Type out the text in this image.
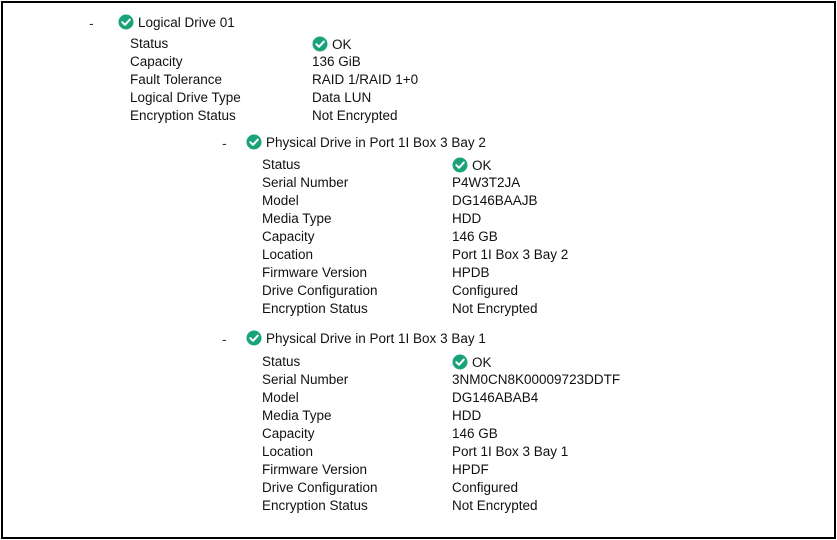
-	Logical Drive 01
Status	OK
Capacity	136 GiB
Fault Tolerance	RAID 1/RAID 1+0
Logical Drive Type	Data LUN
Encryption Status	Not Encrypted
-	Physical Drive in Port 1I Box 3 Bay 2
Status	OK
Serial Number	P4W3T2JA
Model	DG146BAAJB
Media Type	HDD
Capacity	146 GB
Location	Port 1I Box 3 Bay 2
Firmware Version	HPDB
Drive Configuration	Configured
Encryption Status	Not Encrypted
-	Physical Drive in Port 1I Box 3 Bay 1
Status	OK
Serial Number	3NM0CN8K00009723DDTF
Model	DG146ABAB4
Media Type	HDD
Capacity	146 GB
Location	Port 1I Box 3 Bay 1
Firmware Version	HPDF
Drive Configuration	Configured
Encryption Status	Not Encrypted
